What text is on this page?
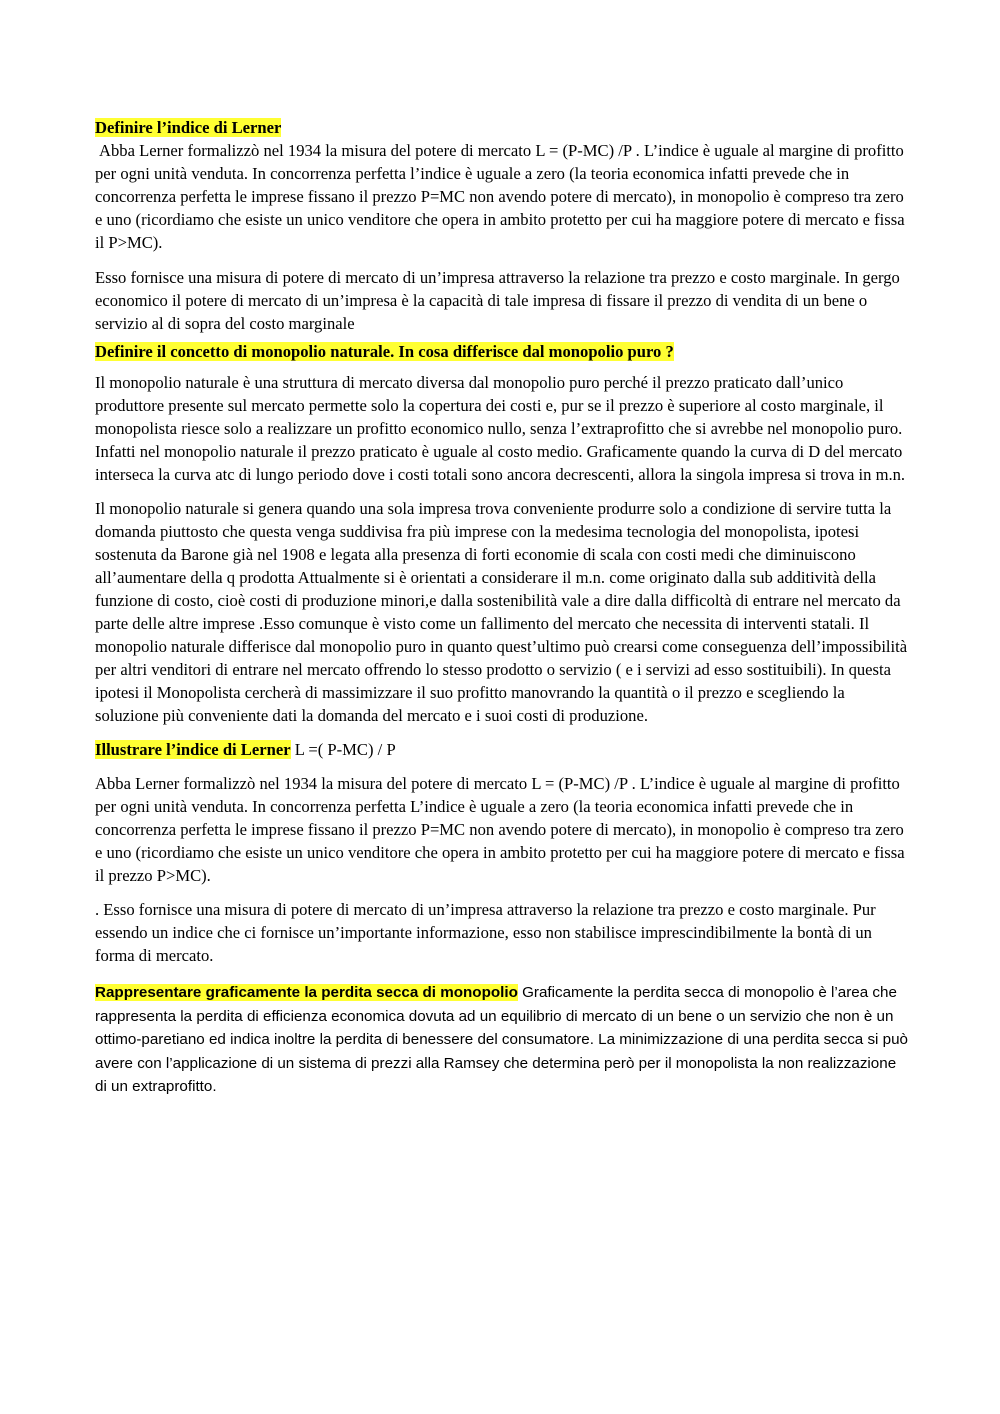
Definire l’indice di Lerner

Abba Lerner formalizzò nel 1934 la misura del potere di mercato L = (P-MC) /P . L’indice è uguale al margine di profitto per ogni unità venduta. In concorrenza perfetta l’indice è uguale a zero (la teoria economica infatti prevede che in concorrenza perfetta le imprese fissano il prezzo P=MC non avendo potere di mercato), in monopolio è compreso tra zero e uno (ricordiamo che esiste un unico venditore che opera in ambito protetto per cui ha maggiore potere di mercato e fissa il P>MC).

Esso fornisce una misura di potere di mercato di un’impresa attraverso la relazione tra prezzo e costo marginale. In gergo economico il potere di mercato di un’impresa è la capacità di tale impresa di fissare il prezzo di vendita di un bene o servizio al di sopra del costo marginale

Definire il concetto di monopolio naturale. In cosa differisce dal monopolio puro ?

Il monopolio naturale è una struttura di mercato diversa dal monopolio puro perché il prezzo praticato dall’unico produttore presente sul mercato permette solo la copertura dei costi e, pur se il prezzo è superiore al costo marginale, il monopolista riesce solo a realizzare un profitto economico nullo, senza l’extraprofitto che si avrebbe nel monopolio puro. Infatti nel monopolio naturale il prezzo praticato è uguale al costo medio. Graficamente quando la curva di D del mercato interseca la curva atc di lungo periodo dove i costi totali sono ancora decrescenti, allora la singola impresa si trova in m.n.

Il monopolio naturale si genera quando una sola impresa trova conveniente produrre solo a condizione di servire tutta la domanda piuttosto che questa venga suddivisa fra più imprese con la medesima tecnologia del monopolista, ipotesi sostenuta da Barone già nel 1908 e legata alla presenza di forti economie di scala con costi medi che diminuiscono all’aumentare della q prodotta Attualmente si è orientati a considerare il m.n. come originato dalla sub additività della funzione di costo, cioè costi di produzione minori,e dalla sostenibilità vale a dire dalla difficoltà di entrare nel mercato da parte delle altre imprese .Esso comunque è visto come un fallimento del mercato che necessita di interventi statali. Il monopolio naturale differisce dal monopolio puro in quanto quest’ultimo può crearsi come conseguenza dell’impossibilità per altri venditori di entrare nel mercato offrendo lo stesso prodotto o servizio ( e i servizi ad esso sostituibili). In questa ipotesi il Monopolista cercherà di massimizzare il suo profitto manovrando la quantità o il prezzo e scegliendo la soluzione più conveniente dati la domanda del mercato e i suoi costi di produzione.

Illustrare l’indice di Lerner L =( P-MC) / P

Abba Lerner formalizzò nel 1934 la misura del potere di mercato L = (P-MC) /P . L’indice è uguale al margine di profitto per ogni unità venduta. In concorrenza perfetta L’indice è uguale a zero (la teoria economica infatti prevede che in concorrenza perfetta le imprese fissano il prezzo P=MC non avendo potere di mercato), in monopolio è compreso tra zero e uno (ricordiamo che esiste un unico venditore che opera in ambito protetto per cui ha maggiore potere di mercato e fissa il prezzo P>MC).

. Esso fornisce una misura di potere di mercato di un’impresa attraverso la relazione tra prezzo e costo marginale. Pur essendo un indice che ci fornisce un’importante informazione, esso non stabilisce imprescindibilmente la bontà di un forma di mercato.

Rappresentare graficamente la perdita secca di monopolio Graficamente la perdita secca di monopolio è l’area che rappresenta la perdita di efficienza economica dovuta ad un equilibrio di mercato di un bene o un servizio che non è un ottimo-paretiano ed indica inoltre la perdita di benessere del consumatore. La minimizzazione di una perdita secca si può avere con l’applicazione di un sistema di prezzi alla Ramsey che determina però per il monopolista la non realizzazione di un extraprofitto.
